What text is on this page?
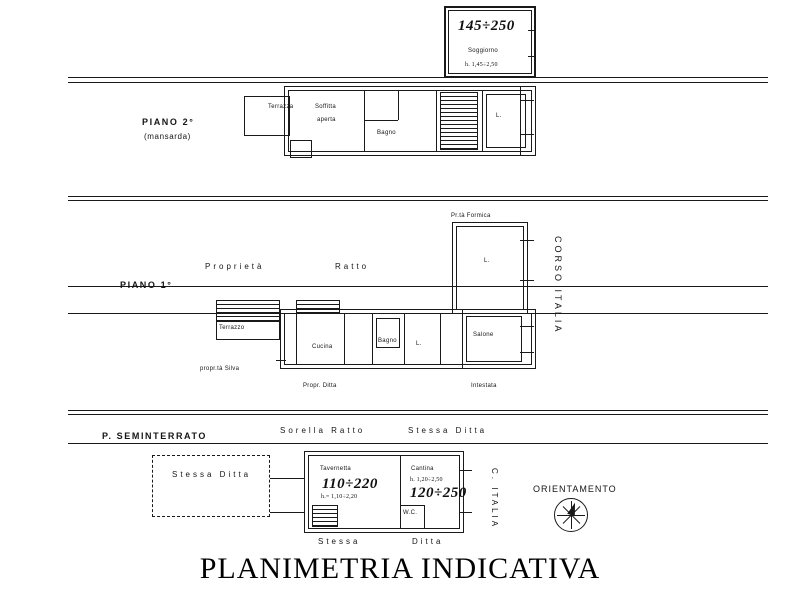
PIANO 2°
(mansarda)
145÷250
Soggiorno
h. 1,45÷2,50
Terrazza	Soffitta
aperta
Bagno
L.
PIANO 1°
Proprietà	Ratto	CORSO ITALIA
Pr.tà Formica
L.
Terrazzo
Cucina
Bagno	L.
Salone
propr.tà Silva
Propr. Ditta	Intestata
P. SEMINTERRATO
Sorella Ratto	Stessa Ditta
Stessa Ditta
Tavernetta
110÷220
h.= 1,10÷2,20
Cantina
h. 1,20÷2,50
120÷250
W.C.
Stessa	Ditta
C. ITALIA	ORIENTAMENTO
PLANIMETRIA INDICATIVA
